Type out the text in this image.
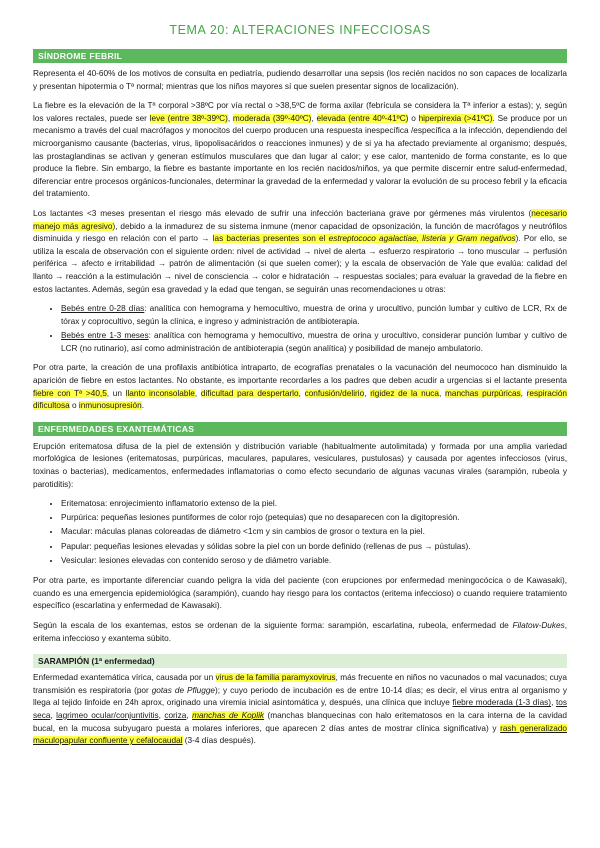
TEMA 20: ALTERACIONES INFECCIOSAS
SÍNDROME FEBRIL

Representa el 40-60% de los motivos de consulta en pediatría, pudiendo desarrollar una sepsis (los recién nacidos no son capaces de localizarla y presentan hipotermia o Tª normal; mientras que los niños mayores sí que suelen presentar signos de localización).

La fiebre es la elevación de la Tª corporal >38ºC por vía rectal o >38,5ºC de forma axilar (febrícula se considera la Tª inferior a estas); y, según los valores rectales, puede ser leve (entre 38º-39ºC), moderada (39º-40ºC), elevada (entre 40º-41ºC) o hiperpirexia (>41ºC). Se produce por un mecanismo a través del cual macrófagos y monocitos del cuerpo producen una respuesta inespecífica /específica a la infección, dependiendo del microorganismo causante (bacterias, virus, lipopolisacáridos o reacciones inmunes) y de si ya ha afectado previamente al organismo; después, las prostaglandinas se activan y generan estímulos musculares que dan lugar al calor; y ese calor, mantenido de forma constante, es lo que produce la fiebre. Sin embargo, la fiebre es bastante importante en los recién nacidos/niños, ya que permite discernir entre salud-enfermedad, diferenciar entre procesos orgánicos-funcionales, determinar la gravedad de la enfermedad y valorar la evolución de su proceso febril y la eficacia del tratamiento.

Los lactantes <3 meses presentan el riesgo más elevado de sufrir una infección bacteriana grave por gérmenes más virulentos (necesario manejo más agresivo), debido a la inmadurez de su sistema inmune (menor capacidad de opsonización, la función de macrófagos y neutrófilos disminuida y riesgo en relación con el parto → las bacterias presentes son el estreptococo agalactiae, listeria y Gram negativos). Por ello, se utiliza la escala de observación con el siguiente orden: nivel de actividad → nivel de alerta → esfuerzo respiratorio → tono muscular → perfusión periférica → afecto e irritabilidad → patrón de alimentación (si que suelen comer); y la escala de observación de Yale que evalúa: calidad del llanto → reacción a la estimulación → nivel de consciencia → color e hidratación → respuestas sociales; para evaluar la gravedad de la fiebre en estos lactantes. Además, según esa gravedad y la edad que tengan, se seguirán unas recomendaciones u otras:

• Bebés entre 0-28 días: analítica con hemograma y hemocultivo, muestra de orina y urocultivo, punción lumbar y cultivo de LCR, Rx de tórax y coprocultivo, según la clínica, e ingreso y administración de antibioterapia.
• Bebés entre 1-3 meses: analítica con hemograma y hemocultivo, muestra de orina y urocultivo, considerar punción lumbar y cultivo de LCR (no rutinario), así como administración de antibioterapia (según analítica) y posibilidad de manejo ambulatorio.

Por otra parte, la creación de una profilaxis antibiótica intraparto, de ecografías prenatales o la vacunación del neumococo han disminuido la aparición de fiebre en estos lactantes. No obstante, es importante recordarles a los padres que deben acudir a urgencias si el lactante presenta fiebre con Tª >40,5, un llanto inconsolable, dificultad para despertarlo, confusión/delirio, rigidez de la nuca, manchas purpúricas, respiración dificultosa o inmunosupresión.

ENFERMEDADES EXANTEMÁTICAS

Erupción eritematosa difusa de la piel de extensión y distribución variable (habitualmente autolimitada) y formada por una amplia variedad morfológica de lesiones (eritematosas, purpúricas, maculares, papulares, vesiculares, pustulosas) y causada por agentes infecciosos (virus, toxinas o bacterias), medicamentos, enfermedades inflamatorias o como efecto secundario de algunas vacunas virales (sarampión, rubeola y parotiditis):

• Eritematosa: enrojecimiento inflamatorio extenso de la piel.
• Purpúrica: pequeñas lesiones puntiformes de color rojo (petequias) que no desaparecen con la digitopresión.
• Macular: máculas planas coloreadas de diámetro <1cm y sin cambios de grosor o textura en la piel.
• Papular: pequeñas lesiones elevadas y sólidas sobre la piel con un borde definido (rellenas de pus → pústulas).
• Vesicular: lesiones elevadas con contenido seroso y de diámetro variable.

Por otra parte, es importante diferenciar cuando peligra la vida del paciente (con erupciones por enfermedad meningocócica o de Kawasaki), cuando es una emergencia epidemiológica (sarampión), cuando hay riesgo para los contactos (eritema infeccioso) o cuando requiere tratamiento específico (escarlatina y enfermedad de Kawasaki).

Según la escala de los exantemas, estos se ordenan de la siguiente forma: sarampión, escarlatina, rubeola, enfermedad de Filatow-Dukes, eritema infeccioso y exantema súbito.

SARAMPIÓN (1ª enfermedad)

Enfermedad exantemática vírica, causada por un virus de la familia paramyxovirus, más frecuente en niños no vacunados o mal vacunados; cuya transmisión es respiratoria (por gotas de Pflugge); y cuyo periodo de incubación es de entre 10-14 días; es decir, el virus entra al organismo y llega al tejido linfoide en 24h aprox, originado una viremia inicial asintomática y, después, una clínica que incluye fiebre moderada (1-3 días), tos seca, lagrimeo ocular/conjuntivitis, coriza, manchas de Koplik (manchas blanquecinas con halo eritematosos en la cara interna de la cavidad bucal, en la mucosa subyugaro puesta a molares inferiores, que aparecen 2 días antes de mostrar clínica significativa) y rash generalizado maculopapular confluente y cefalocaudal (3-4 días después).
